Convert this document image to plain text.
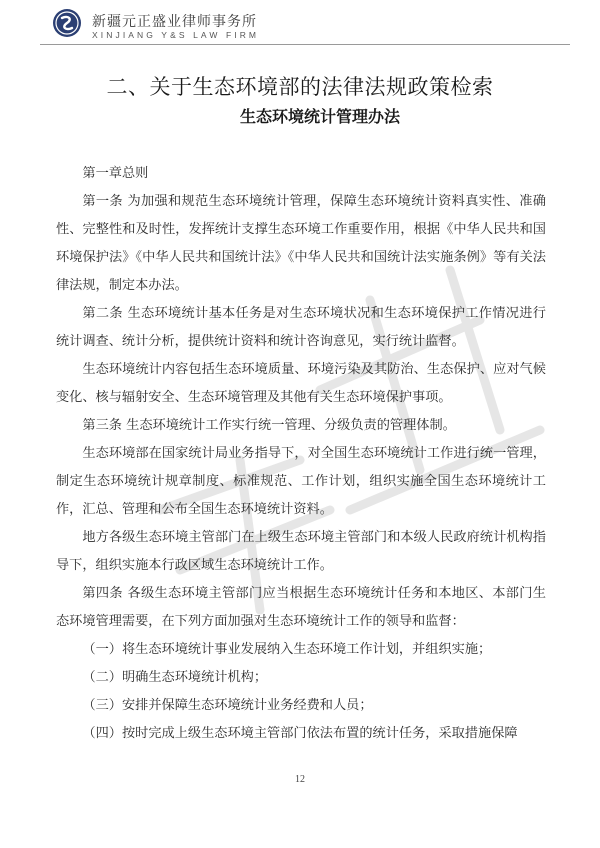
新疆元正盛业律师事务所
XINJIANG Y&S LAW FIRM
二、关于生态环境部的法律法规政策检索
生态环境统计管理办法

第一章总则

第一条 为加强和规范生态环境统计管理，保障生态环境统计资料真实性、准确性、完整性和及时性，发挥统计支撑生态环境工作重要作用，根据《中华人民共和国环境保护法》《中华人民共和国统计法》《中华人民共和国统计法实施条例》等有关法律法规，制定本办法。

第二条 生态环境统计基本任务是对生态环境状况和生态环境保护工作情况进行统计调查、统计分析，提供统计资料和统计咨询意见，实行统计监督。

生态环境统计内容包括生态环境质量、环境污染及其防治、生态保护、应对气候变化、核与辐射安全、生态环境管理及其他有关生态环境保护事项。

第三条 生态环境统计工作实行统一管理、分级负责的管理体制。

生态环境部在国家统计局业务指导下，对全国生态环境统计工作进行统一管理，制定生态环境统计规章制度、标准规范、工作计划，组织实施全国生态环境统计工作，汇总、管理和公布全国生态环境统计资料。

地方各级生态环境主管部门在上级生态环境主管部门和本级人民政府统计机构指导下，组织实施本行政区域生态环境统计工作。

第四条 各级生态环境主管部门应当根据生态环境统计任务和本地区、本部门生态环境管理需要，在下列方面加强对生态环境统计工作的领导和监督：

（一）将生态环境统计事业发展纳入生态环境工作计划，并组织实施；

（二）明确生态环境统计机构；

（三）安排并保障生态环境统计业务经费和人员；

（四）按时完成上级生态环境主管部门依法布置的统计任务，采取措施保障

12
